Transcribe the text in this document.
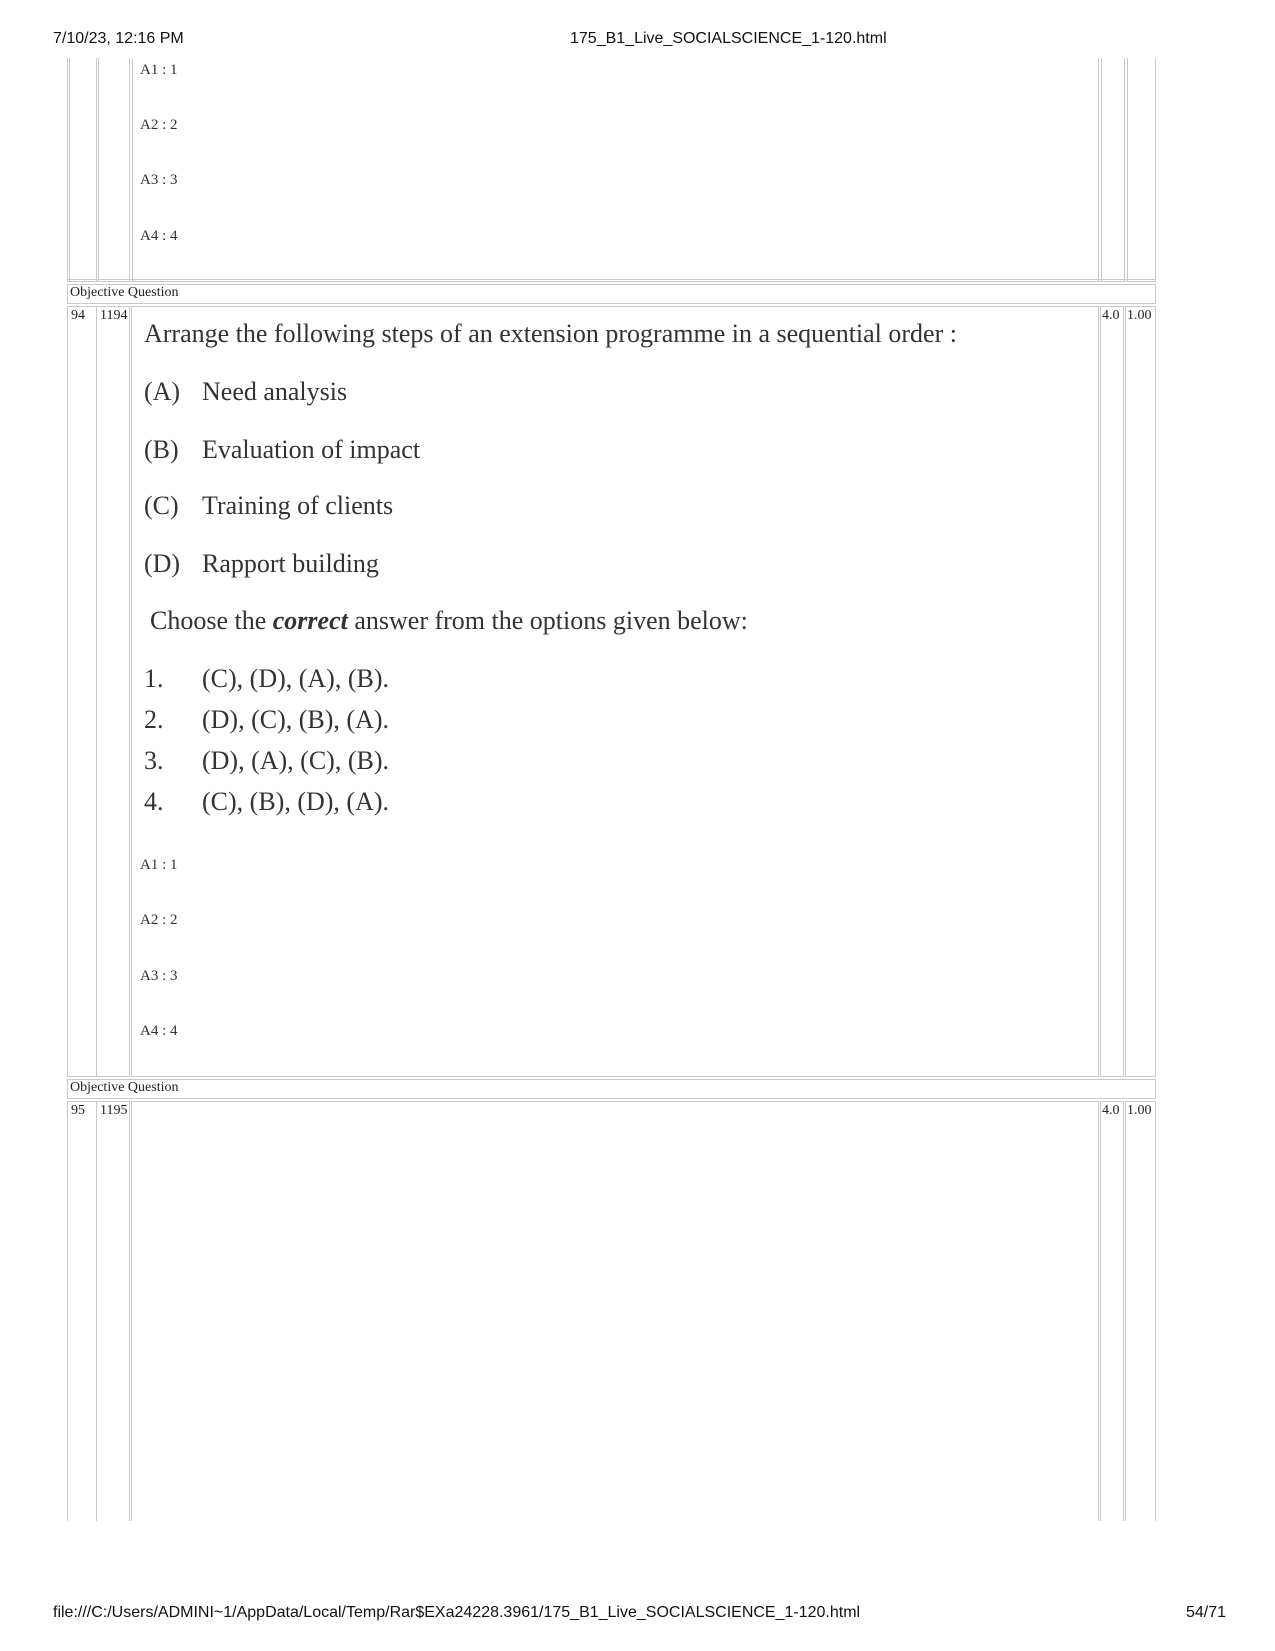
7/10/23, 12:16 PM	175_B1_Live_SOCIALSCIENCE_1-120.html
A1 : 1
A2 : 2
A3 : 3
A4 : 4
Objective Question
94 1194	4.0 1.00
Arrange the following steps of an extension programme in a sequential order :
(A) Need analysis
(B) Evaluation of impact
(C) Training of clients
(D) Rapport building
Choose the correct answer from the options given below:
1. (C), (D), (A), (B).
2. (D), (C), (B), (A).
3. (D), (A), (C), (B).
4. (C), (B), (D), (A).
A1 : 1
A2 : 2
A3 : 3
A4 : 4
Objective Question
95 1195	4.0 1.00
file:///C:/Users/ADMINI~1/AppData/Local/Temp/Rar$EXa24228.3961/175_B1_Live_SOCIALSCIENCE_1-120.html	54/71
